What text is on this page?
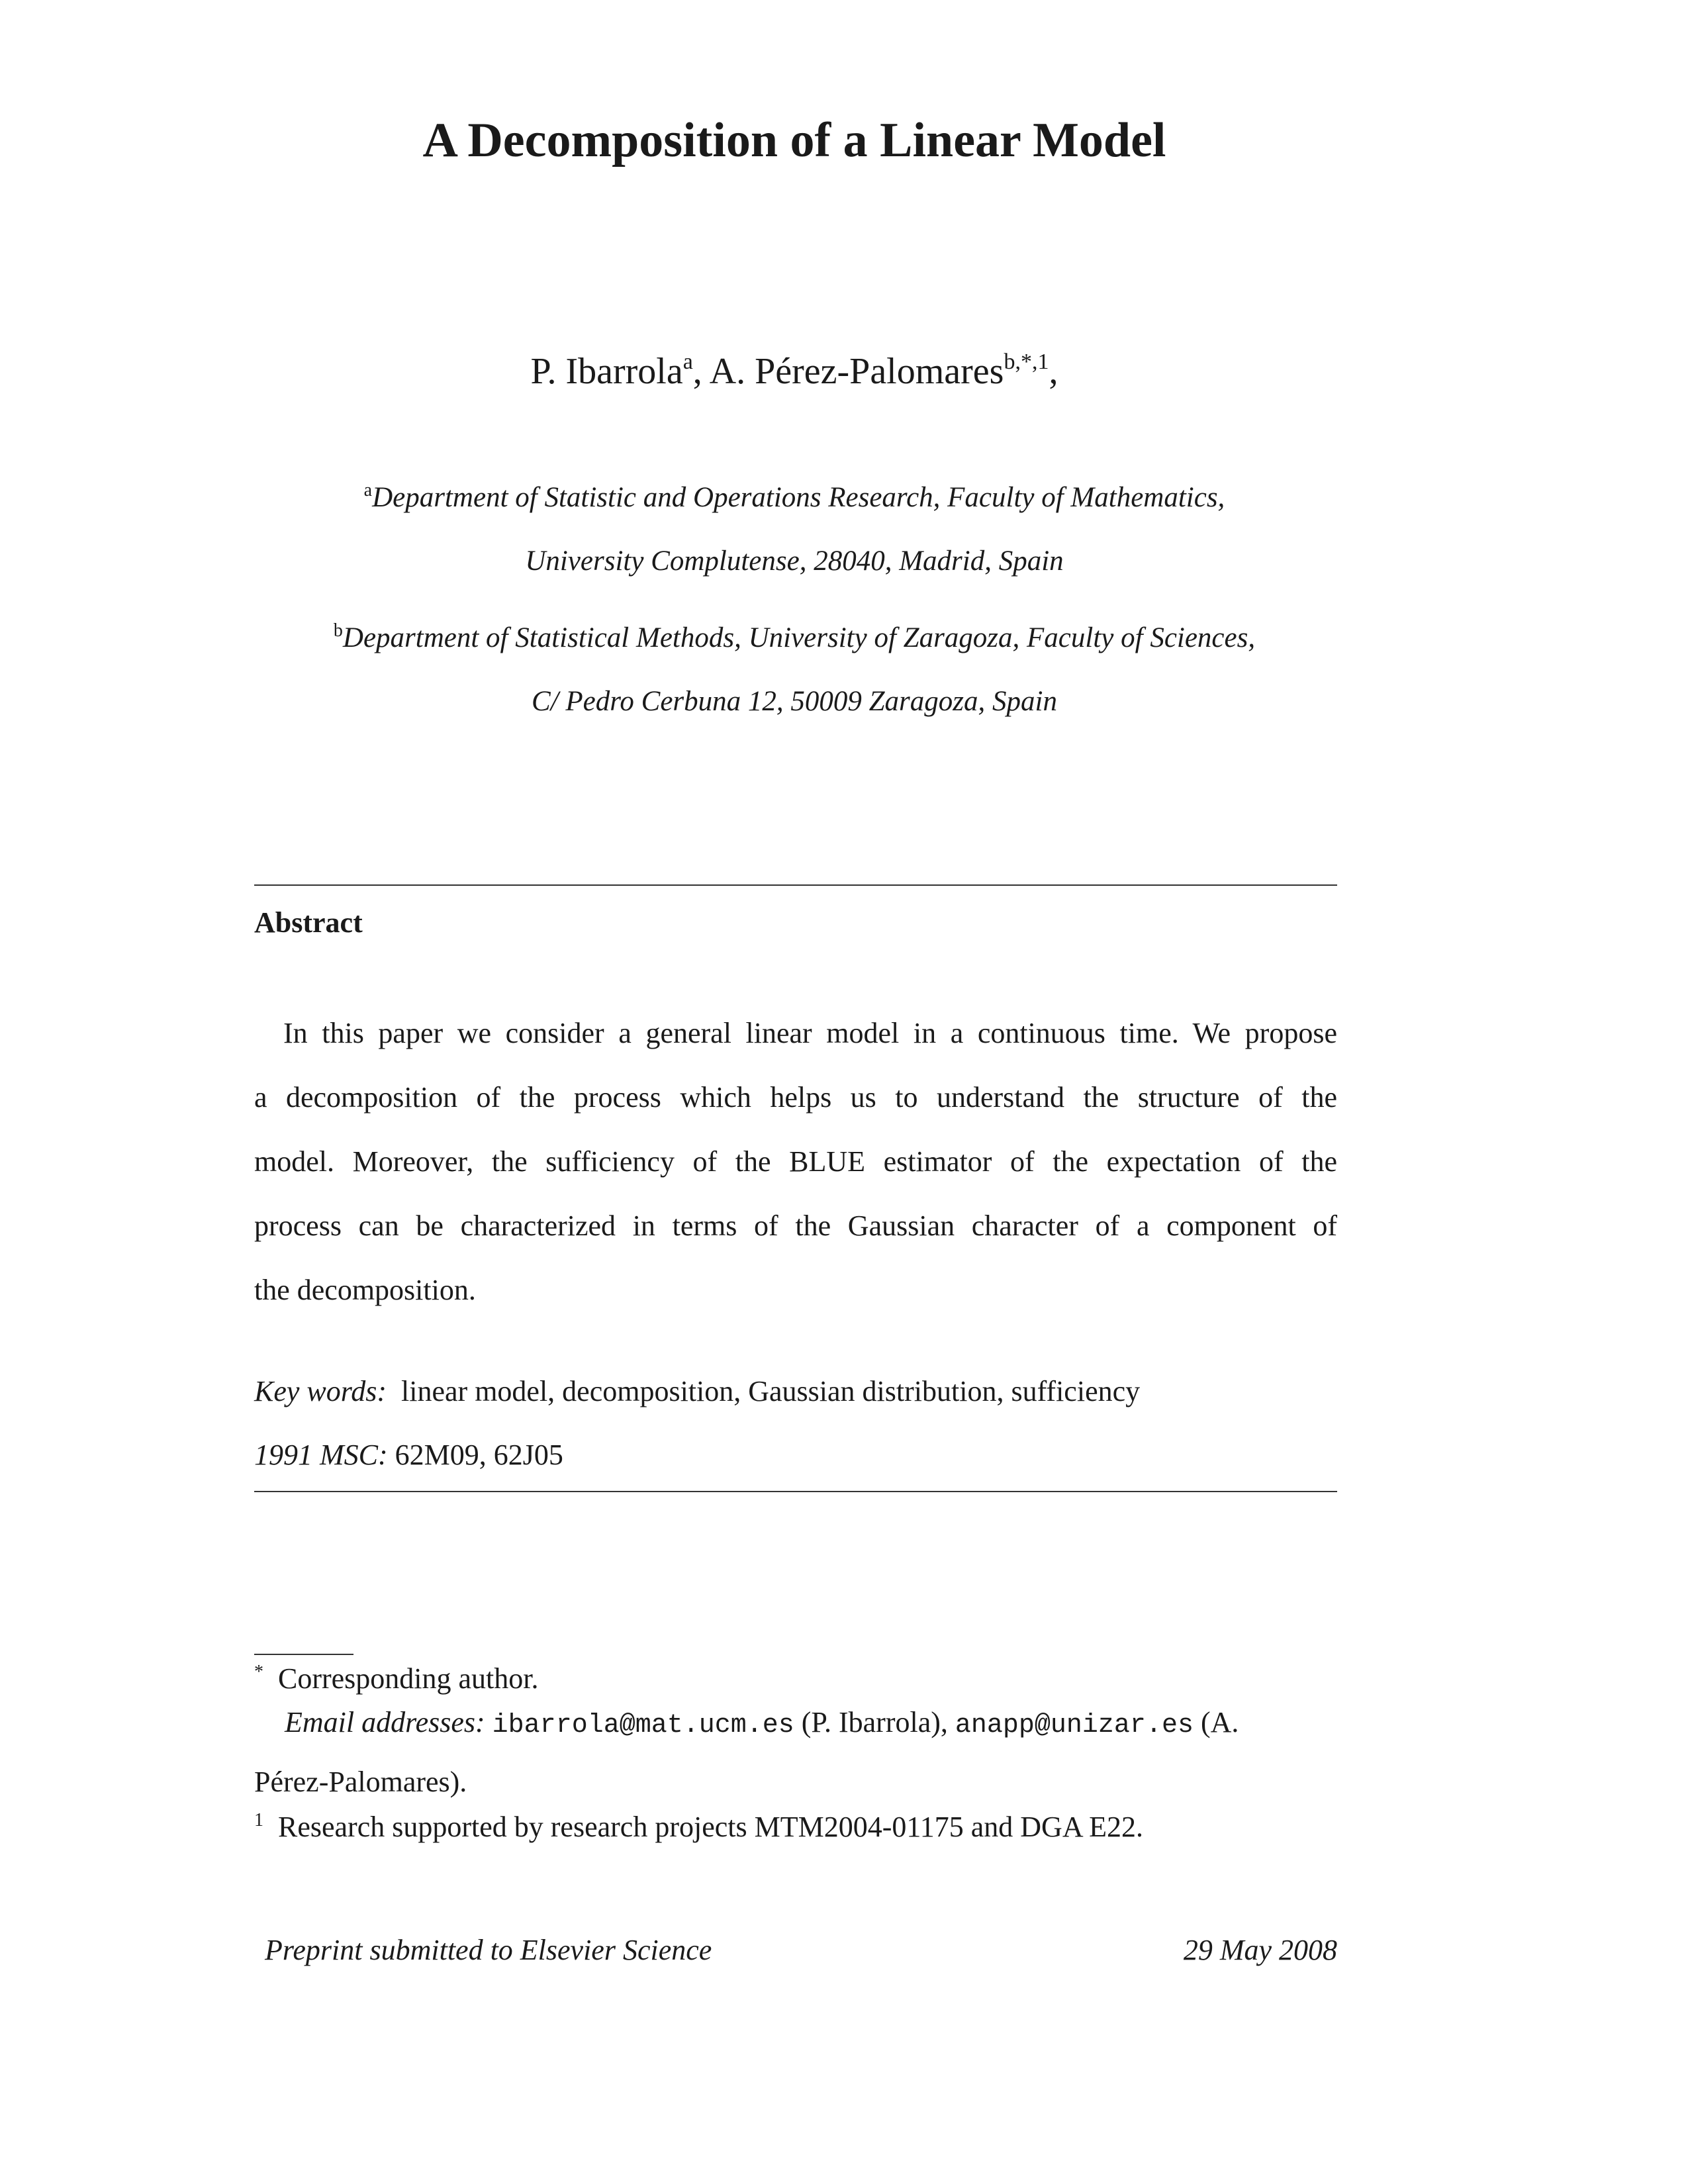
A Decomposition of a Linear Model
P. Ibarrola$^a$, A. Pérez-Palomares$^{b,*,1}$,
$^a$Department of Statistic and Operations Research, Faculty of Mathematics,
University Complutense, 28040, Madrid, Spain
$^b$Department of Statistical Methods, University of Zaragoza, Faculty of Sciences,
C/ Pedro Cerbuna 12, 50009 Zaragoza, Spain
Abstract
In this paper we consider a general linear model in a continuous time. We propose
a decomposition of the process which helps us to understand the structure of the
model. Moreover, the sufficiency of the BLUE estimator of the expectation of the
process can be characterized in terms of the Gaussian character of a component of
the decomposition.
Key words: linear model, decomposition, Gaussian distribution, sufficiency
1991 MSC: 62M09, 62J05
* Corresponding author.
Email addresses: ibarrola@mat.ucm.es (P. Ibarrola), anapp@unizar.es (A.
Pérez-Palomares).
$^1$ Research supported by research projects MTM2004-01175 and DGA E22.
Preprint submitted to Elsevier Science	29 May 2008
